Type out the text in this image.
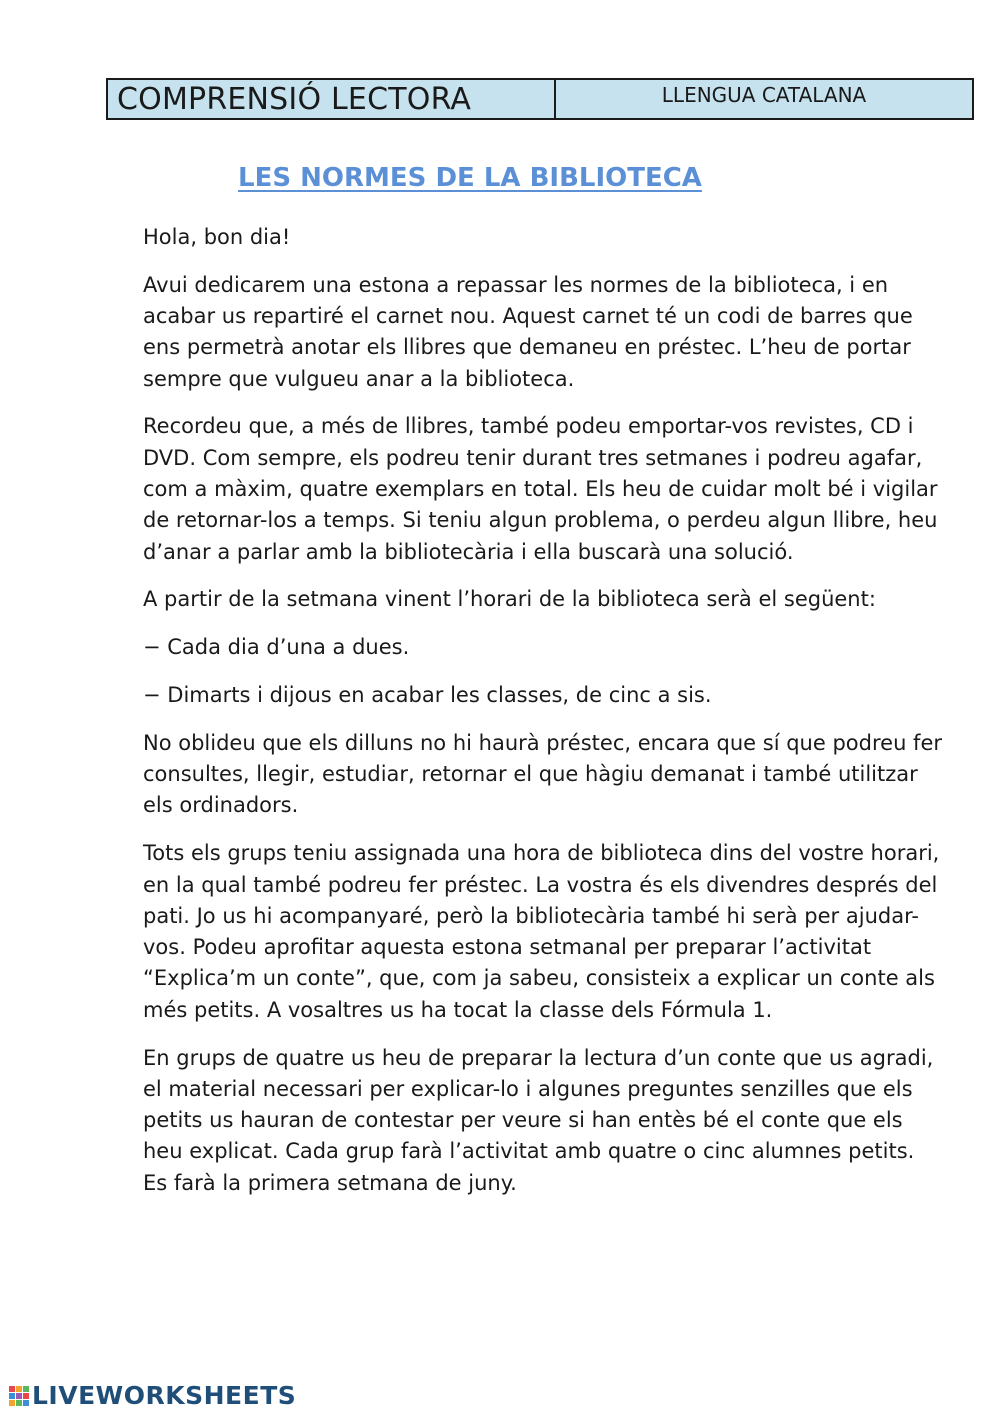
COMPRENSIÓ LECTORA	LLENGUA CATALANA
LES NORMES DE LA BIBLIOTECA

Hola, bon dia!

Avui dedicarem una estona a repassar les normes de la biblioteca, i en acabar us repartiré el carnet nou. Aquest carnet té un codi de barres que ens permetrà anotar els llibres que demaneu en préstec. L’heu de portar sempre que vulgueu anar a la biblioteca.

Recordeu que, a més de llibres, també podeu emportar-vos revistes, CD i DVD. Com sempre, els podreu tenir durant tres setmanes i podreu agafar, com a màxim, quatre exemplars en total. Els heu de cuidar molt bé i vigilar de retornar-los a temps. Si teniu algun problema, o perdeu algun llibre, heu d’anar a parlar amb la bibliotecària i ella buscarà una solució.

A partir de la setmana vinent l’horari de la biblioteca serà el següent:

− Cada dia d’una a dues.

− Dimarts i dijous en acabar les classes, de cinc a sis.

No oblideu que els dilluns no hi haurà préstec, encara que sí que podreu fer consultes, llegir, estudiar, retornar el que hàgiu demanat i també utilitzar els ordinadors.

Tots els grups teniu assignada una hora de biblioteca dins del vostre horari, en la qual també podreu fer préstec. La vostra és els divendres després del pati. Jo us hi acompanyaré, però la bibliotecària també hi serà per ajudar-vos. Podeu aprofitar aquesta estona setmanal per preparar l’activitat “Explica’m un conte”, que, com ja sabeu, consisteix a explicar un conte als més petits. A vosaltres us ha tocat la classe dels Fórmula 1.

En grups de quatre us heu de preparar la lectura d’un conte que us agradi, el material necessari per explicar-lo i algunes preguntes senzilles que els petits us hauran de contestar per veure si han entès bé el conte que els heu explicat. Cada grup farà l’activitat amb quatre o cinc alumnes petits. Es farà la primera setmana de juny.

LIVEWORKSHEETS
